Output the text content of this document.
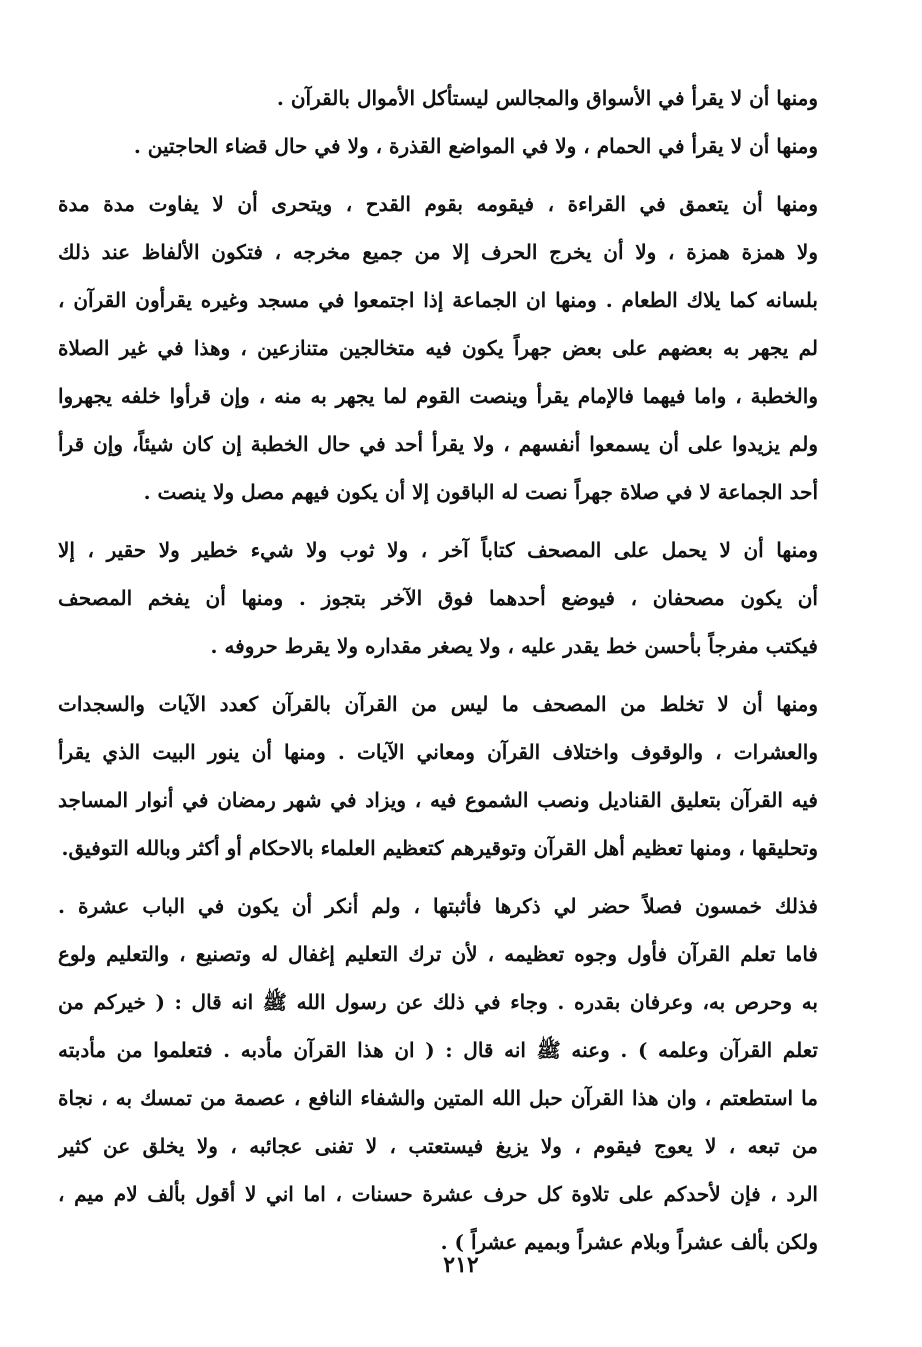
ومنها أن لا يقرأ في الأسواق والمجالس ليستأكل الأموال بالقرآن .
ومنها أن لا يقرأ في الحمام ، ولا في المواضع القذرة ، ولا في حال قضاء الحاجتين .
ومنها أن يتعمق في القراءة ، فيقومه بقوم القدح ، ويتحرى أن لا يفاوت مدة مدة
ولا همزة همزة ، ولا أن يخرج الحرف إلا من جميع مخرجه ، فتكون الألفاظ عند ذلك
بلسانه كما يلاك الطعام . ومنها ان الجماعة إذا اجتمعوا في مسجد وغيره يقرأون القرآن ،
لم يجهر به بعضهم على بعض جهراً يكون فيه متخالجين متنازعين ، وهذا في غير الصلاة
والخطبة ، واما فيهما فالإمام يقرأ وينصت القوم لما يجهر به منه ، وإن قرأوا خلفه يجهروا
ولم يزيدوا على أن يسمعوا أنفسهم ، ولا يقرأ أحد في حال الخطبة إن كان شيئاً، وإن قرأ
أحد الجماعة لا في صلاة جهراً نصت له الباقون إلا أن يكون فيهم مصل ولا ينصت .
ومنها أن لا يحمل على المصحف كتاباً آخر ، ولا ثوب ولا شيء خطير ولا حقير ، إلا
أن يكون مصحفان ، فيوضع أحدهما فوق الآخر بتجوز . ومنها أن يفخم المصحف
فيكتب مفرجاً بأحسن خط يقدر عليه ، ولا يصغر مقداره ولا يقرط حروفه .
ومنها أن لا تخلط من المصحف ما ليس من القرآن بالقرآن كعدد الآيات والسجدات
والعشرات ، والوقوف واختلاف القرآن ومعاني الآيات . ومنها أن ينور البيت الذي يقرأ
فيه القرآن بتعليق القناديل ونصب الشموع فيه ، ويزاد في شهر رمضان في أنوار المساجد
وتحليقها ، ومنها تعظيم أهل القرآن وتوقيرهم كتعظيم العلماء بالاحكام أو أكثر وبالله التوفيق.
فذلك خمسون فصلاً حضر لي ذكرها فأثبتها ، ولم أنكر أن يكون في الباب عشرة .
فاما تعلم القرآن فأول وجوه تعظيمه ، لأن ترك التعليم إغفال له وتصنيع ، والتعليم ولوع
به وحرص به، وعرفان بقدره . وجاء في ذلك عن رسول الله ﷺ انه قال : ( خيركم من
تعلم القرآن وعلمه ) . وعنه ﷺ انه قال : ( ان هذا القرآن مأدبه . فتعلموا من مأدبته
ما استطعتم ، وان هذا القرآن حبل الله المتين والشفاء النافع ، عصمة من تمسك به ، نجاة
من تبعه ، لا يعوج فيقوم ، ولا يزيغ فيستعتب ، لا تفنى عجائبه ، ولا يخلق عن كثير
الرد ، فإن لأحدكم على تلاوة كل حرف عشرة حسنات ، اما اني لا أقول بألف لام ميم ،
ولكن بألف عشراً وبلام عشراً وبميم عشراً ) .
٢١٢
